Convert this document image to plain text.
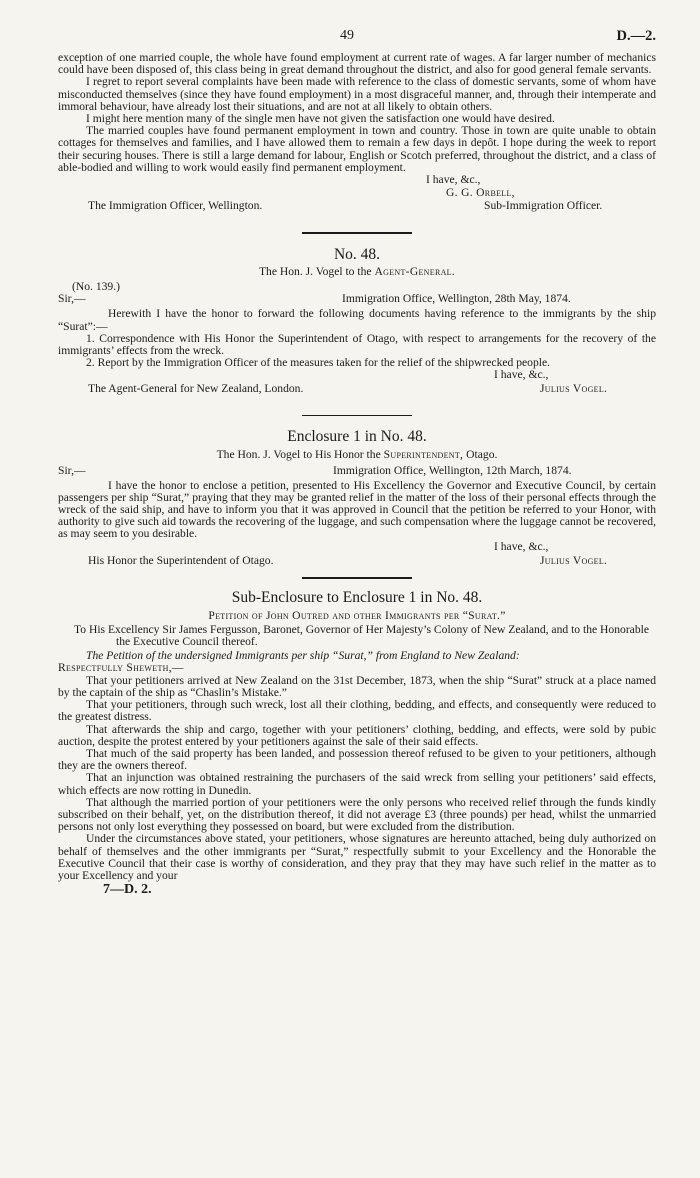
49	D.—2.

exception of one married couple, the whole have found employment at current rate of wages. A far larger number of mechanics could have been disposed of, this class being in great demand throughout the district, and also for good general female servants.

I regret to report several complaints have been made with reference to the class of domestic servants, some of whom have misconducted themselves (since they have found employment) in a most disgraceful manner, and, through their intemperate and immoral behaviour, have already lost their situations, and are not at all likely to obtain others.

I might here mention many of the single men have not given the satisfaction one would have desired.

The married couples have found permanent employment in town and country. Those in town are quite unable to obtain cottages for themselves and families, and I have allowed them to remain a few days in depôt. I hope during the week to report their securing houses. There is still a large demand for labour, English or Scotch preferred, throughout the district, and a class of able-bodied and willing to work would easily find permanent employment.

I have, &c.,
G. G. Orbell,
The Immigration Officer, Wellington.	Sub-Immigration Officer.
No. 48.
The Hon. J. Vogel to the Agent-General.
(No. 139.)
Sir,—	Immigration Office, Wellington, 28th May, 1874.

Herewith I have the honor to forward the following documents having reference to the immigrants by the ship “Surat”:—

1. Correspondence with His Honor the Superintendent of Otago, with respect to arrangements for the recovery of the immigrants’ effects from the wreck.

2. Report by the Immigration Officer of the measures taken for the relief of the shipwrecked people.

I have, &c.,
The Agent-General for New Zealand, London.	Julius Vogel.
Enclosure 1 in No. 48.
The Hon. J. Vogel to His Honor the Superintendent, Otago.
Sir,—	Immigration Office, Wellington, 12th March, 1874.

I have the honor to enclose a petition, presented to His Excellency the Governor and Executive Council, by certain passengers per ship “Surat,” praying that they may be granted relief in the matter of the loss of their personal effects through the wreck of the said ship, and have to inform you that it was approved in Council that the petition be referred to your Honor, with authority to give such aid towards the recovering of the luggage, and such compensation where the luggage cannot be recovered, as may seem to you desirable.

I have, &c.,
His Honor the Superintendent of Otago.	Julius Vogel.
Sub-Enclosure to Enclosure 1 in No. 48.
Petition of John Outred and other Immigrants per “Surat.”

To His Excellency Sir James Fergusson, Baronet, Governor of Her Majesty’s Colony of New Zealand, and to the Honorable the Executive Council thereof.

The Petition of the undersigned Immigrants per ship “Surat,” from England to New Zealand:

Respectfully Sheweth,—

That your petitioners arrived at New Zealand on the 31st December, 1873, when the ship “Surat” struck at a place named by the captain of the ship as “Chaslin’s Mistake.”

That your petitioners, through such wreck, lost all their clothing, bedding, and effects, and consequently were reduced to the greatest distress.

That afterwards the ship and cargo, together with your petitioners’ clothing, bedding, and effects, were sold by pubic auction, despite the protest entered by your petitioners against the sale of their said effects.

That much of the said property has been landed, and possession thereof refused to be given to your petitioners, although they are the owners thereof.

That an injunction was obtained restraining the purchasers of the said wreck from selling your petitioners’ said effects, which effects are now rotting in Dunedin.

That although the married portion of your petitioners were the only persons who received relief through the funds kindly subscribed on their behalf, yet, on the distribution thereof, it did not average £3 (three pounds) per head, whilst the unmarried persons not only lost everything they possessed on board, but were excluded from the distribution.

Under the circumstances above stated, your petitioners, whose signatures are hereunto attached, being duly authorized on behalf of themselves and the other immigrants per “Surat,” respectfully submit to your Excellency and the Honorable the Executive Council that their case is worthy of consideration, and they pray that they may have such relief in the matter as to your Excellency and your

7—D. 2.
